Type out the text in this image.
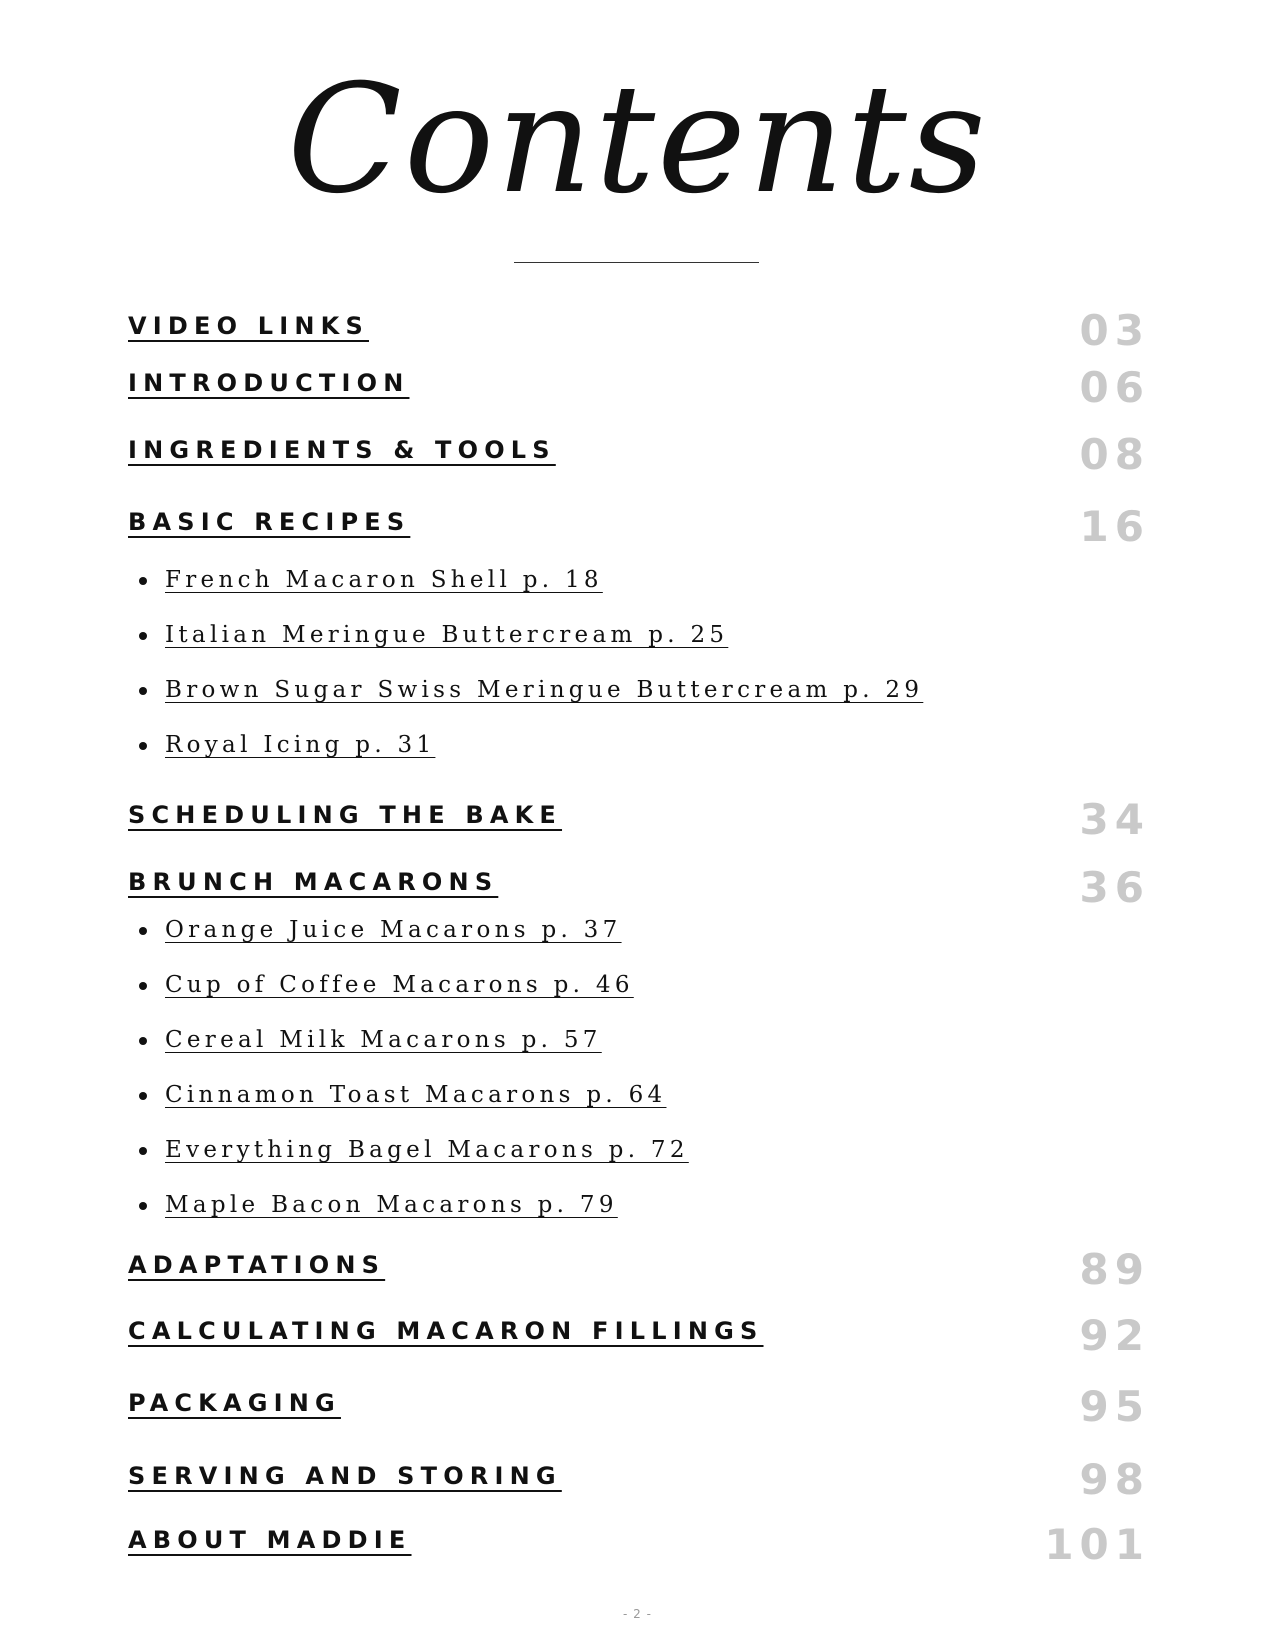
Contents
VIDEO LINKS	03
INTRODUCTION	06
INGREDIENTS & TOOLS	08
BASIC RECIPES	16
French Macaron Shell p. 18
Italian Meringue Buttercream p. 25
Brown Sugar Swiss Meringue Buttercream p. 29
Royal Icing p. 31
SCHEDULING THE BAKE	34
BRUNCH MACARONS	36
Orange Juice Macarons p. 37
Cup of Coffee Macarons p. 46
Cereal Milk Macarons p. 57
Cinnamon Toast Macarons p. 64
Everything Bagel Macarons p. 72
Maple Bacon Macarons p. 79
ADAPTATIONS	89
CALCULATING MACARON FILLINGS	92
PACKAGING	95
SERVING AND STORING	98
ABOUT MADDIE	101
- 2 -
